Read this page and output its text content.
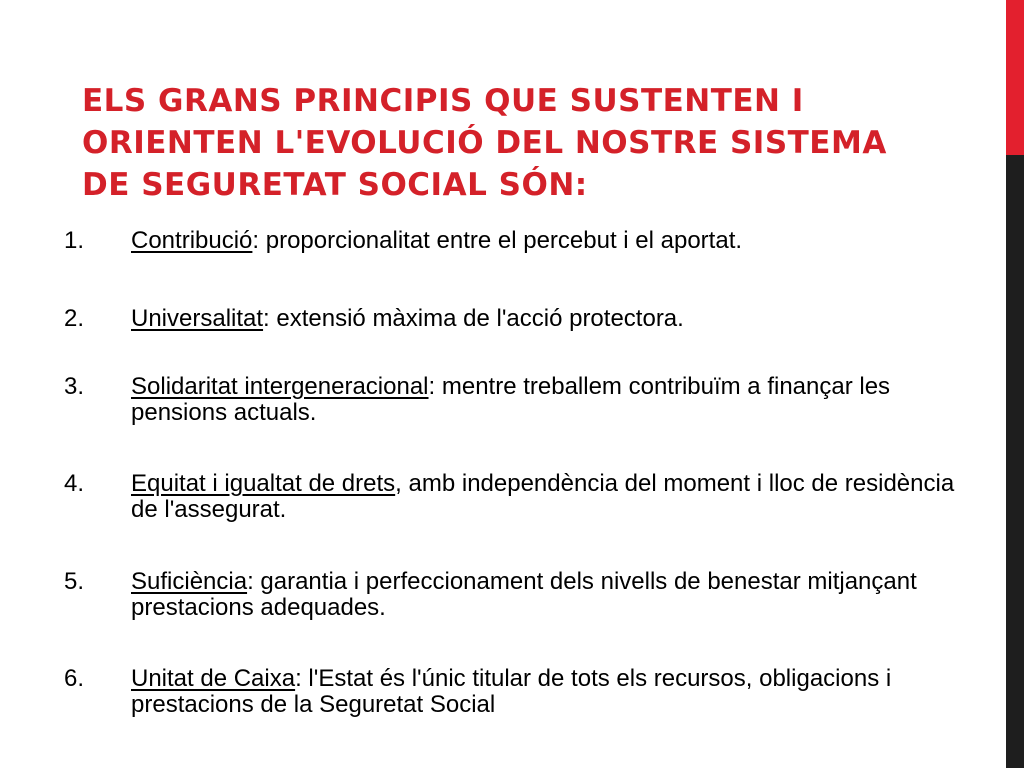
ELS GRANS PRINCIPIS QUE SUSTENTEN I
ORIENTEN L'EVOLUCIÓ DEL NOSTRE SISTEMA
DE SEGURETAT SOCIAL SÓN:
1. Contribució: proporcionalitat entre el percebut i el aportat.
2. Universalitat: extensió màxima de l'acció protectora.
3. Solidaritat intergeneracional: mentre treballem contribuïm a finançar les pensions actuals.
4. Equitat i igualtat de drets, amb independència del moment i lloc de residència de l'assegurat.
5. Suficiència: garantia i perfeccionament dels nivells de benestar mitjançant prestacions adequades.
6. Unitat de Caixa: l'Estat és l'únic titular de tots els recursos, obligacions i prestacions de la Seguretat Social
